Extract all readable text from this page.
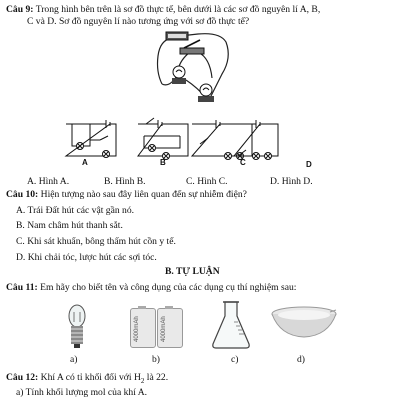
Câu 9: Trong hình bên trên là sơ đồ thực tế, bên dưới là các sơ đồ nguyên lí A, B,
C và D. Sơ đồ nguyên lí nào tương ứng với sơ đồ thực tế?
A	B	C	D
A. Hình A.	B. Hình B.	C. Hình C.	D. Hình D.
Câu 10: Hiện tượng nào sau đây liên quan đến sự nhiễm điện?
A. Trái Đất hút các vật gần nó.
B. Nam châm hút thanh sắt.
C. Khi sát khuẩn, bông thấm hút cồn y tế.
D. Khi chải tóc, lược hút các sợi tóc.
B. TỰ LUẬN
Câu 11: Em hãy cho biết tên và công dụng của các dụng cụ thí nghiệm sau:
4000mAh	4000mAh
a)	b)	c)	d)
Câu 12: Khí A có tỉ khối đối với $H_2$ là 22.
a) Tính khối lượng mol của khí A.
